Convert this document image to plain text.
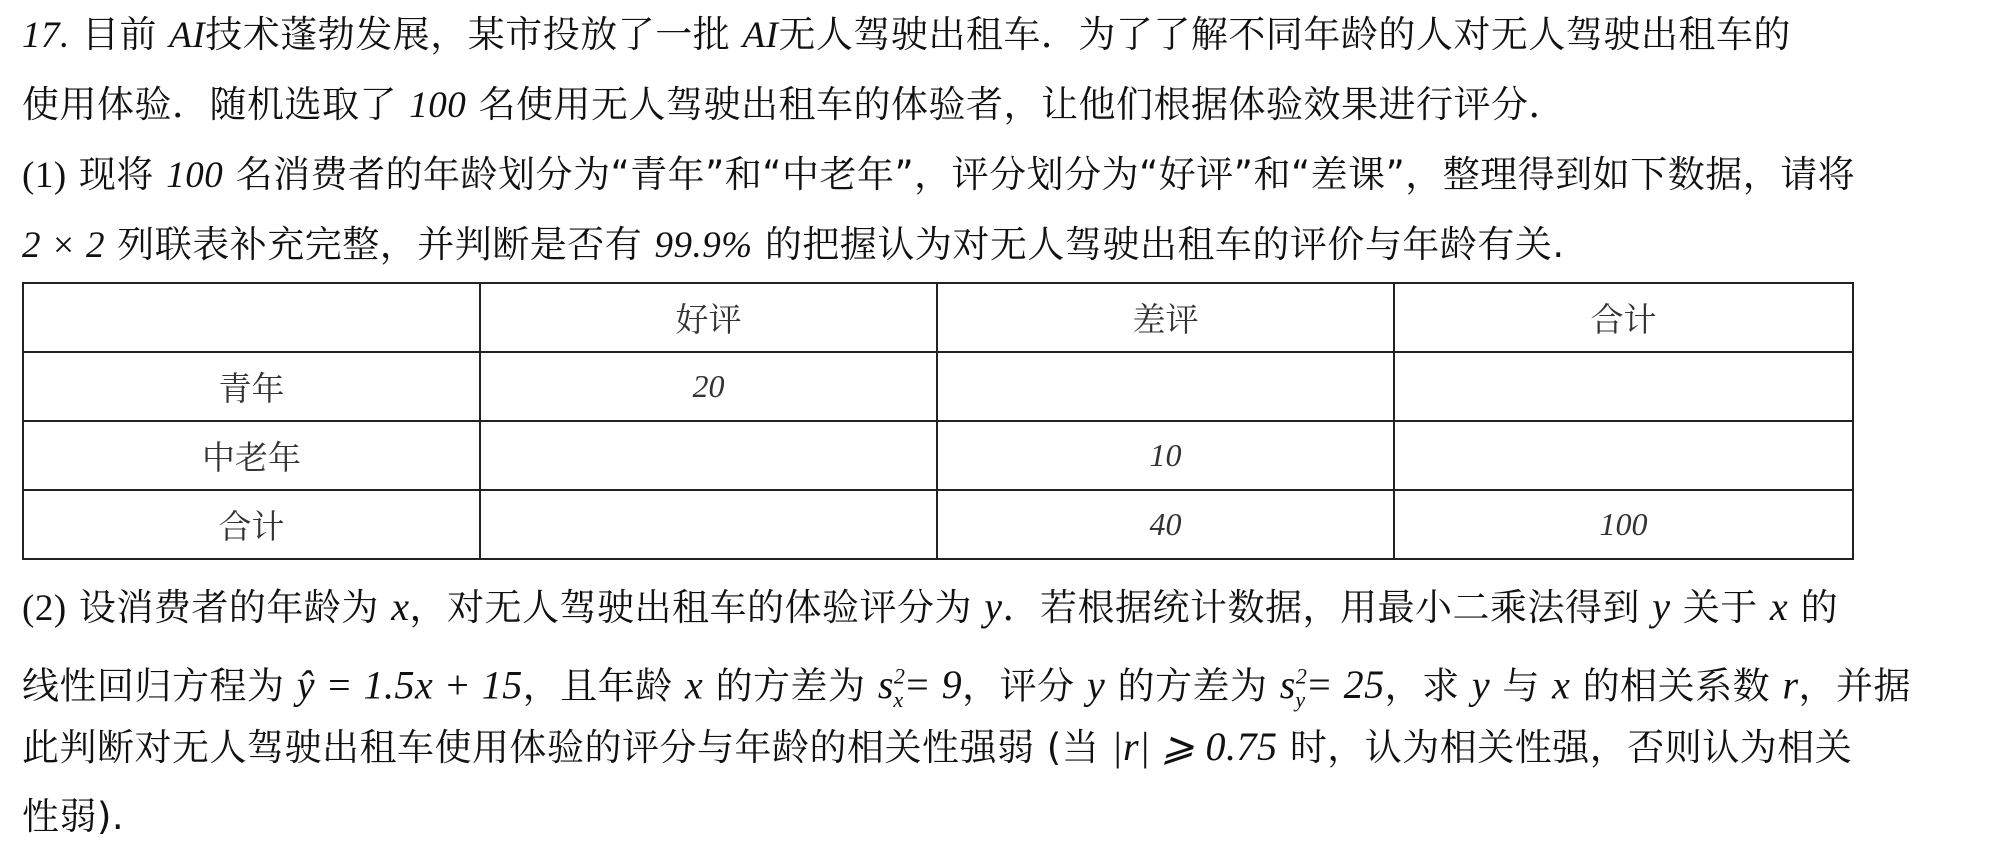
17. 目前 AI技术蓬勃发展，某市投放了一批 AI无人驾驶出租车．为了了解不同年龄的人对无人驾驶出租车的
使用体验．随机选取了 100 名使用无人驾驶出租车的体验者，让他们根据体验效果进行评分．
(1) 现将 100 名消费者的年龄划分为“青年”和“中老年”，评分划分为“好评”和“差课”，整理得到如下数据，请将
2 × 2 列联表补充完整，并判断是否有 99.9% 的把握认为对无人驾驶出租车的评价与年龄有关.
	好评	差评	合计
青年	20		
中老年		10	
合计		40	100
(2) 设消费者的年龄为 x，对无人驾驶出租车的体验评分为 y．若根据统计数据，用最小二乘法得到 y 关于 x 的
线性回归方程为 ŷ = 1.5x + 15，且年龄 x 的方差为 $s^2_x= 9$，评分 y 的方差为 $s^2_y= 25$，求 y 与 x 的相关系数 r，并据
此判断对无人驾驶出租车使用体验的评分与年龄的相关性强弱 (当 |r| ⩾ 0.75 时，认为相关性强，否则认为相关
性弱).
